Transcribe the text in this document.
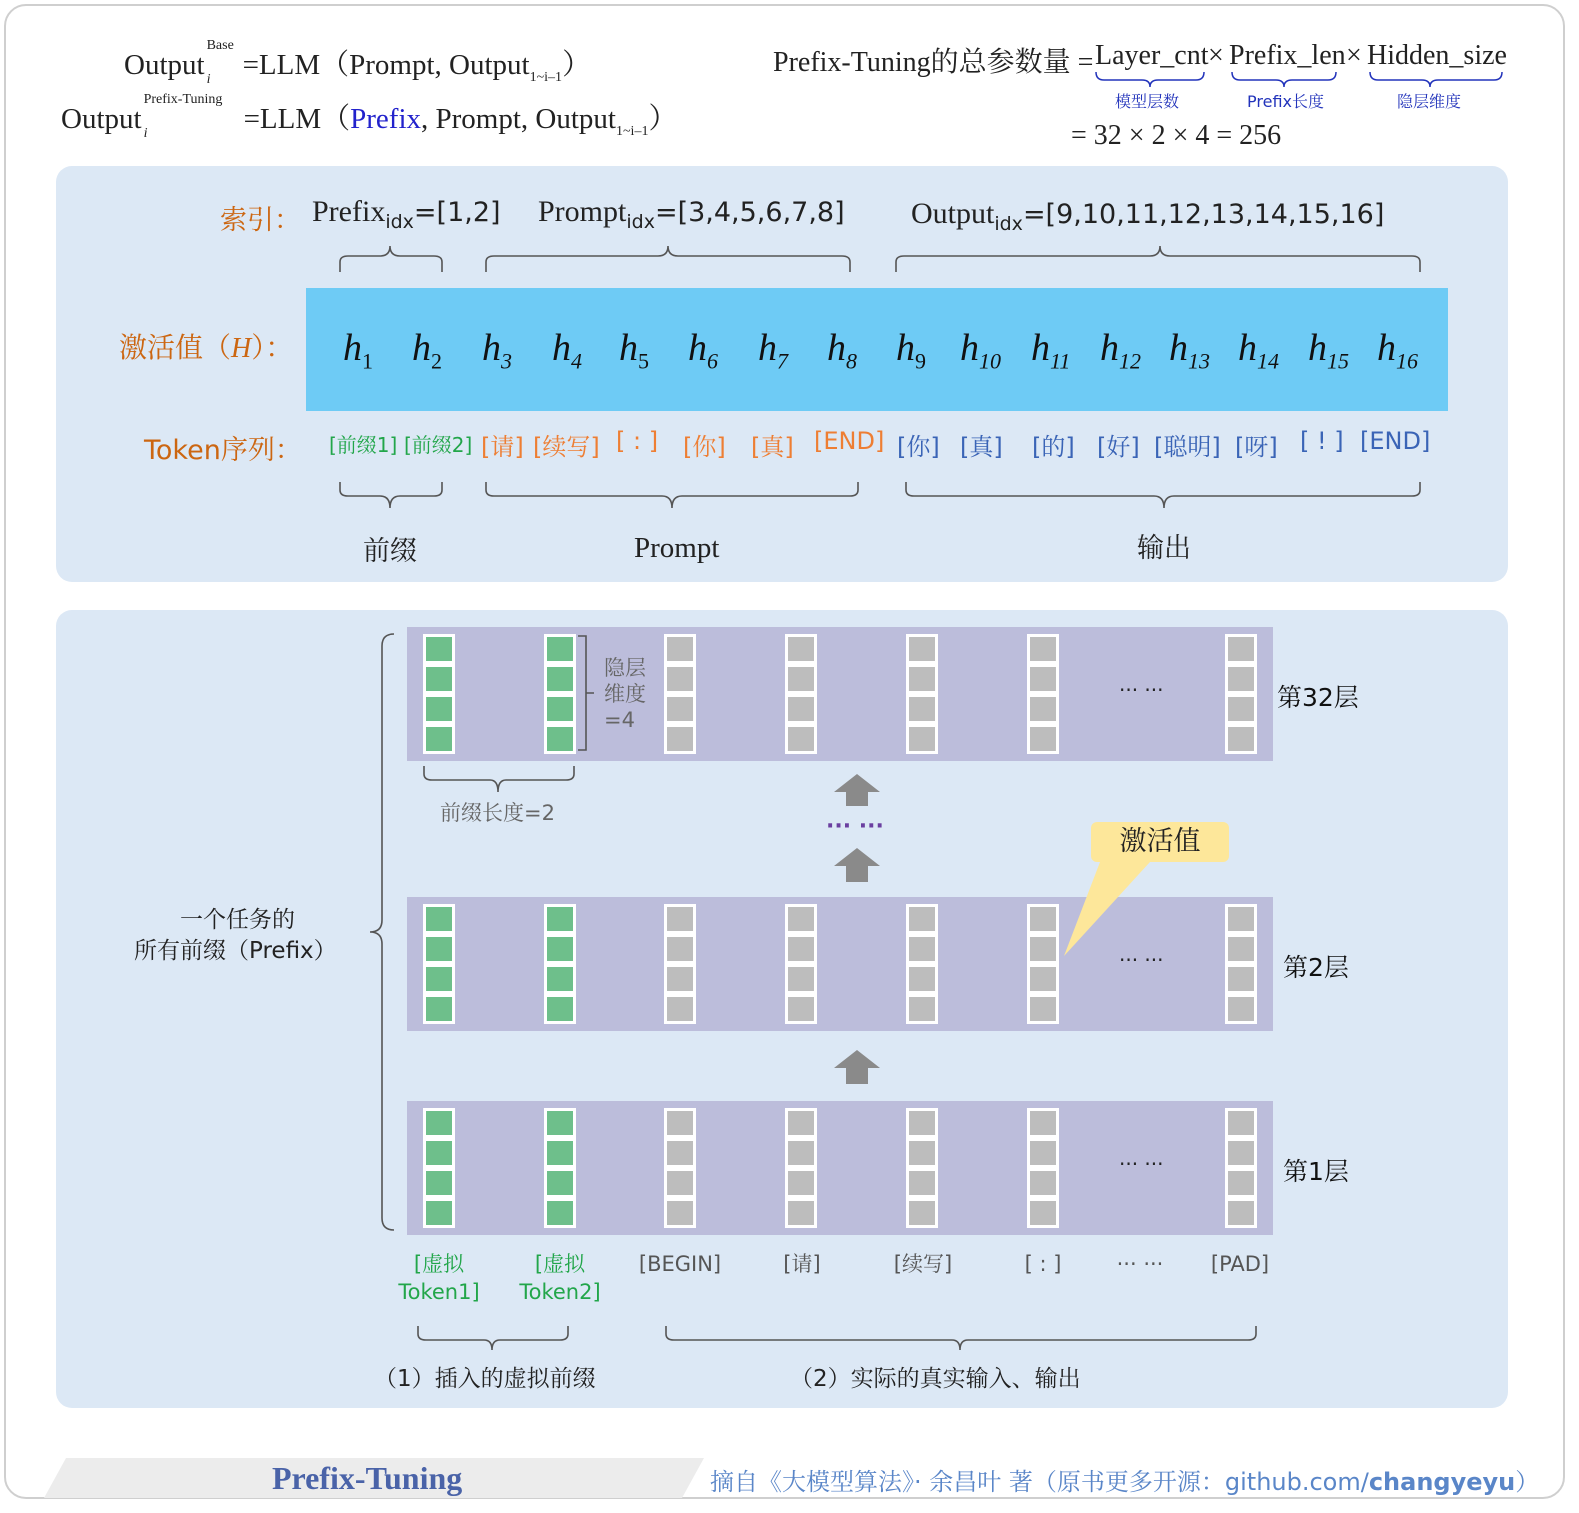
Output
Base
i =LLM（Prompt, Output$_{1\sim i-1}$）
Output
Prefix-Tuning
i	=LLM（Prefix, Prompt, Output$_{1\sim i-1}$）
Prefix-Tuning的总参数量 = Layer_cnt × Prefix_len × Hidden_size
模型层数	Prefix长度	隐层维度
= 32 × 2 × 4 = 256
索引： Prefix$_{idx}$=[1,2] Prompt$_{idx}$=[3,4,5,6,7,8] Output$_{idx}$=[9,10,11,12,13,14,15,16]
激活值（H）： $h_1$ $h_2$ $h_3$ $h_4$ $h_5$ $h_6$ $h_7$ $h_8$ $h_9$ $h_{10}$ $h_{11}$ $h_{12}$ $h_{13}$ $h_{14}$ $h_{15}$ $h_{16}$
Token序列： [前缀1] [前缀2] [请] [续写] [ : ] [你] [真] [END] [你] [真] [的] [好] [聪明] [呀] [ ! ] [END]
前缀	Prompt	输出
··· ···
··· ···
··· ···
第32层
第2层
第1层
隐层
维度
=4
前缀长度=2
··· ···	激活值
一个任务的
所有前缀（Prefix）
[虚拟
Token1]
[虚拟
Token2]
[BEGIN]	[请]	[续写]	[ : ]	··· ···	[PAD]
（1）插入的虚拟前缀	（2）实际的真实输入、输出
Prefix-Tuning	摘自《大模型算法》· 余昌叶 著（原书更多开源：github.com/changyeyu）
